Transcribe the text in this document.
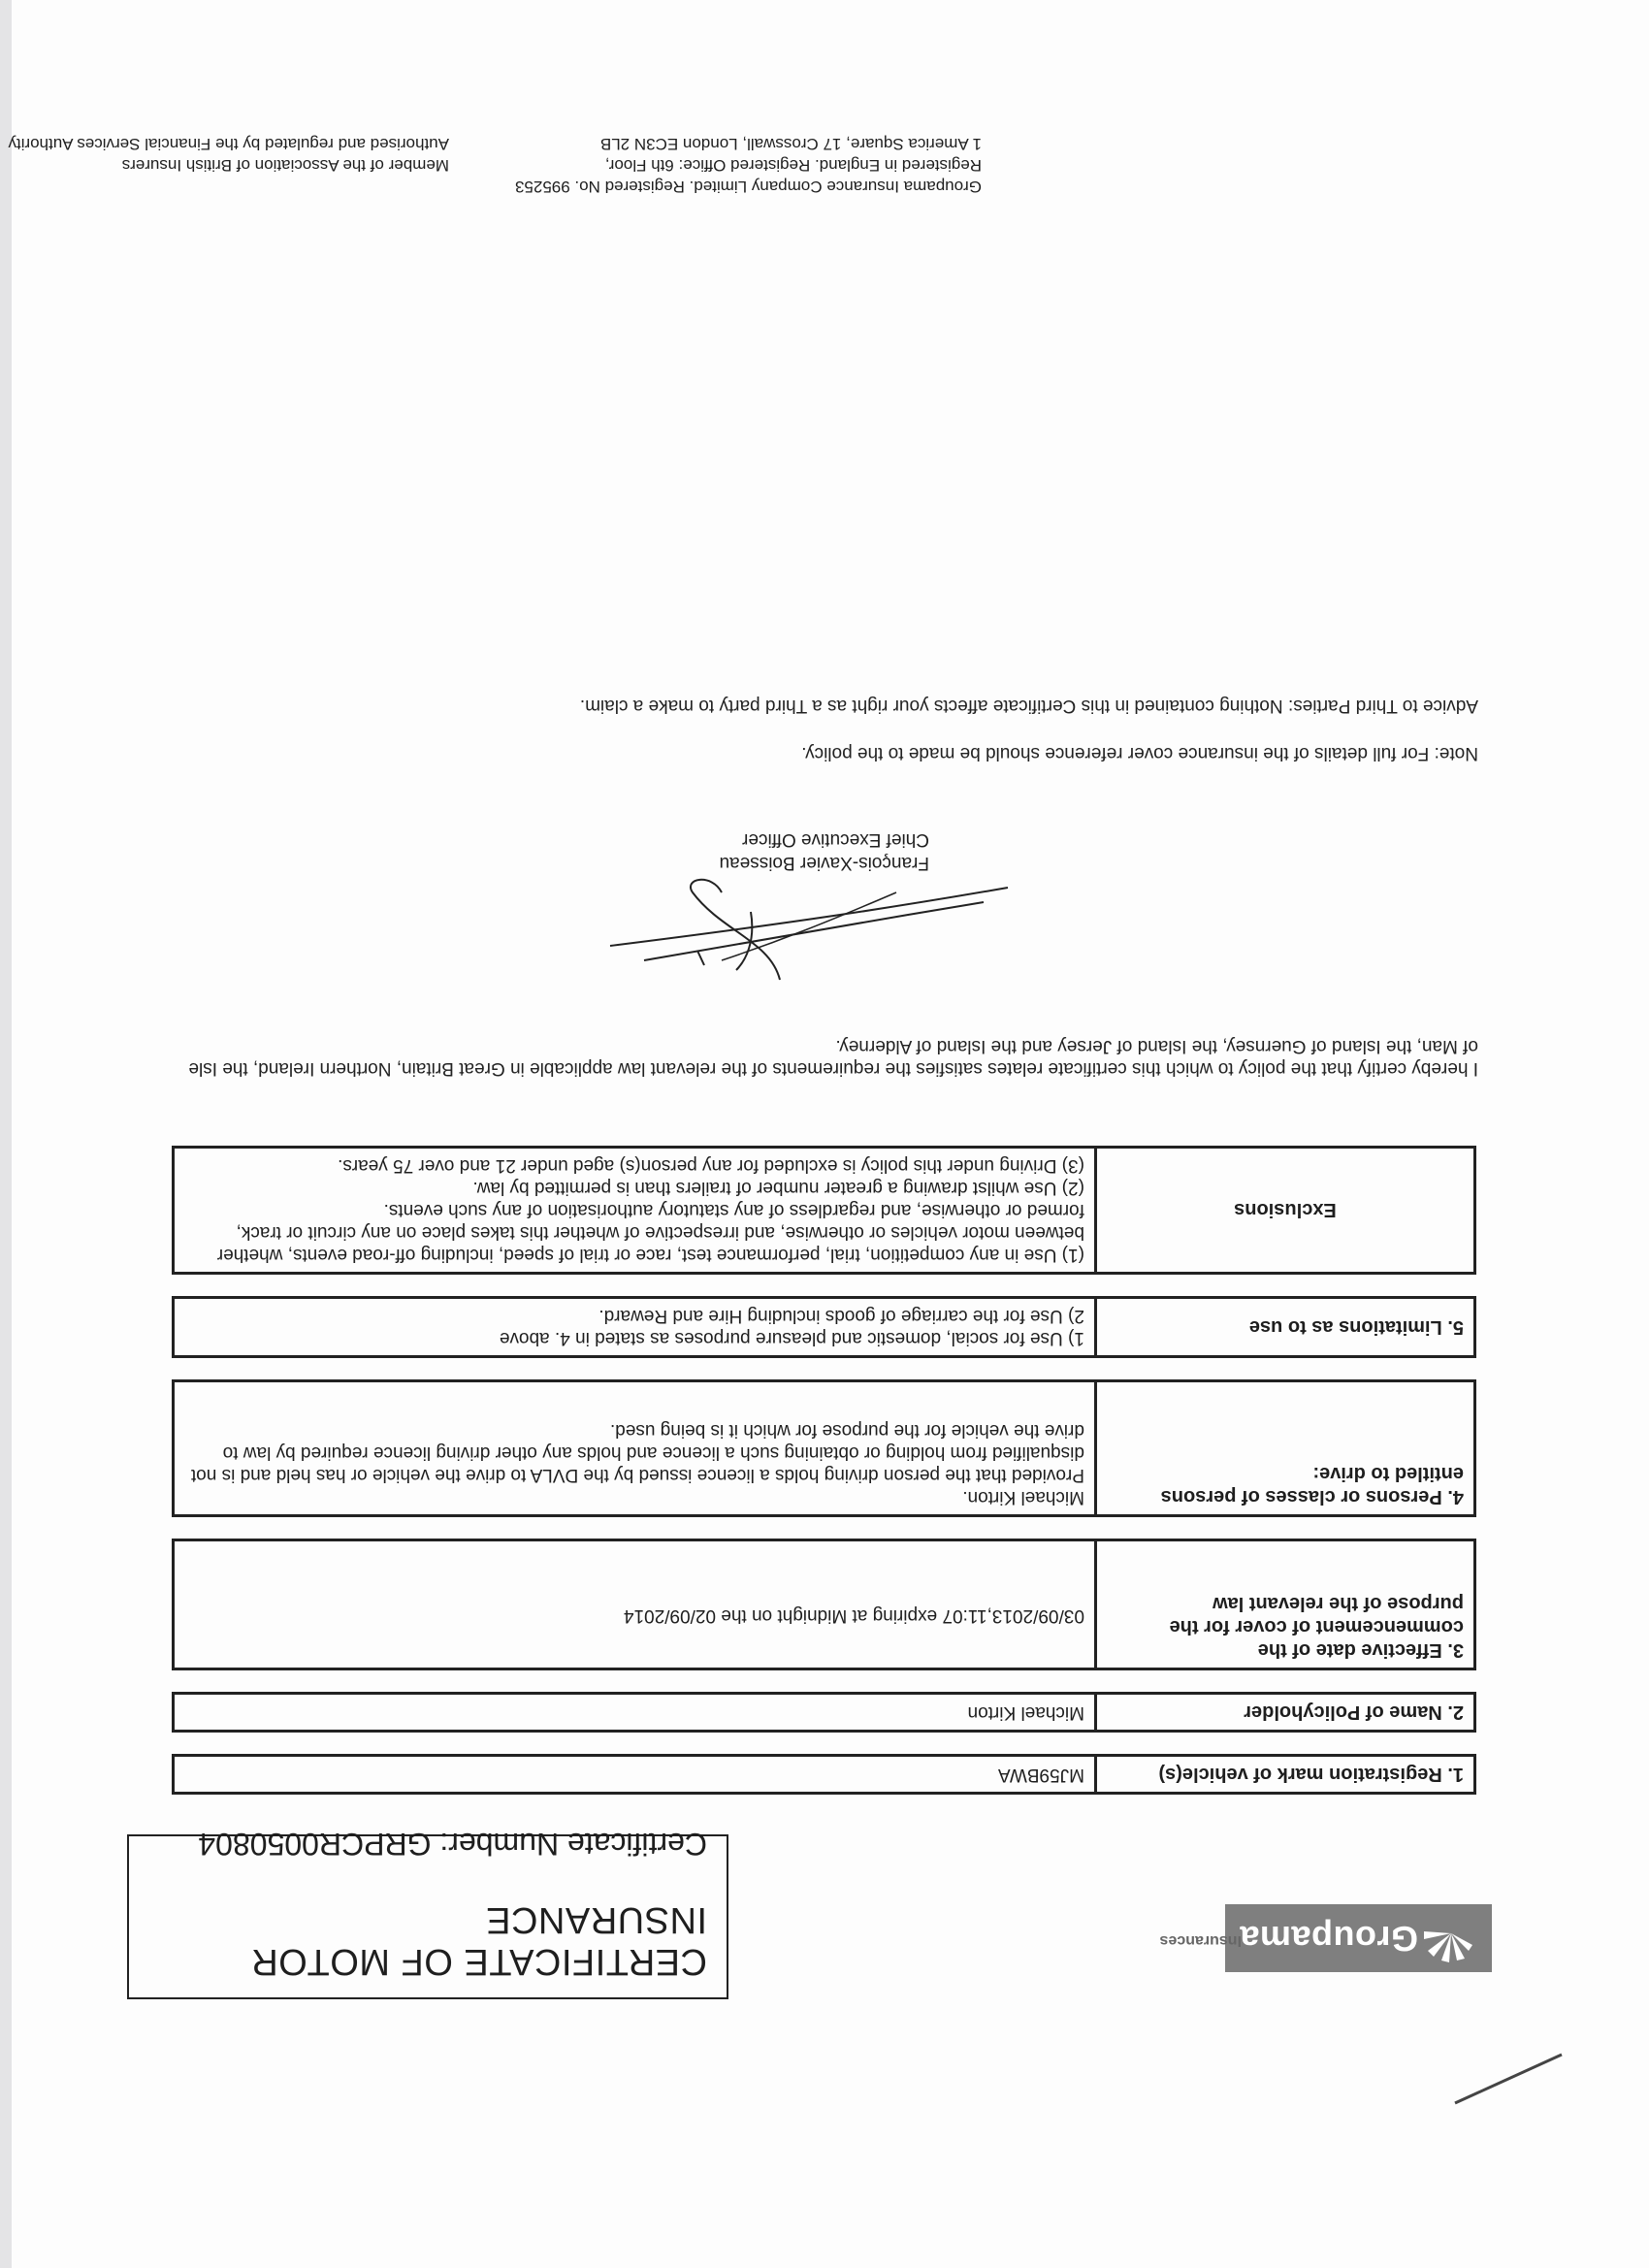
Groupama
Insurances
CERTIFICATE OF MOTOR INSURANCE
Certificate Number: GRPCR0050804
1. Registration mark of vehicle(s)	MJ59BWA

2. Name of Policyholder	Michael Kirton

3. Effective date of the commencement of cover for the purpose of the relevant law	03/09/2013,11:07 expiring at Midnight on the 02/09/2014

4. Persons or classes of persons entitled to drive:	Michael Kirton.
Provided that the person driving holds a licence issued by the DVLA to drive the vehicle or has held and is not disqualified from holding or obtaining such a licence and holds any other driving licence required by law to drive the vehicle for the purpose for which it is being used.

5. Limitations as to use	1) Use for social, domestic and pleasure purposes as stated in 4. above
2) Use for the carriage of goods including Hire and Reward.

Exclusions	(1) Use in any competition, trial, performance test, race or trial of speed, including off-road events, whether between motor vehicles or otherwise, and irrespective of whether this takes place on any circuit or track, formed or otherwise, and regardless of any statutory authorisation of any such events.
(2) Use whilst drawing a greater number of trailers than is permitted by law.
(3) Driving under this policy is excluded for any person(s) aged under 21 and over 75 years.
I hereby certify that the policy to which this certificate relates satisfies the requirements of the relevant law applicable in Great Britain, Northern Ireland, the Isle of Man, the Island of Guernsey, the Island of Jersey and the Island of Alderney.
François-Xavier Boisseau
Chief Executive Officer
Note: For full details of the insurance cover reference should be made to the policy.
Advice to Third Parties: Nothing contained in this Certificate affects your right as a Third party to make a claim.
Groupama Insurance Company Limited. Registered No. 995253
Registered in England. Registered Office: 6th Floor,
1 America Square, 17 Crosswall, London EC3N 2LB
Member of the Association of British Insurers
Authorised and regulated by the Financial Services Authority
